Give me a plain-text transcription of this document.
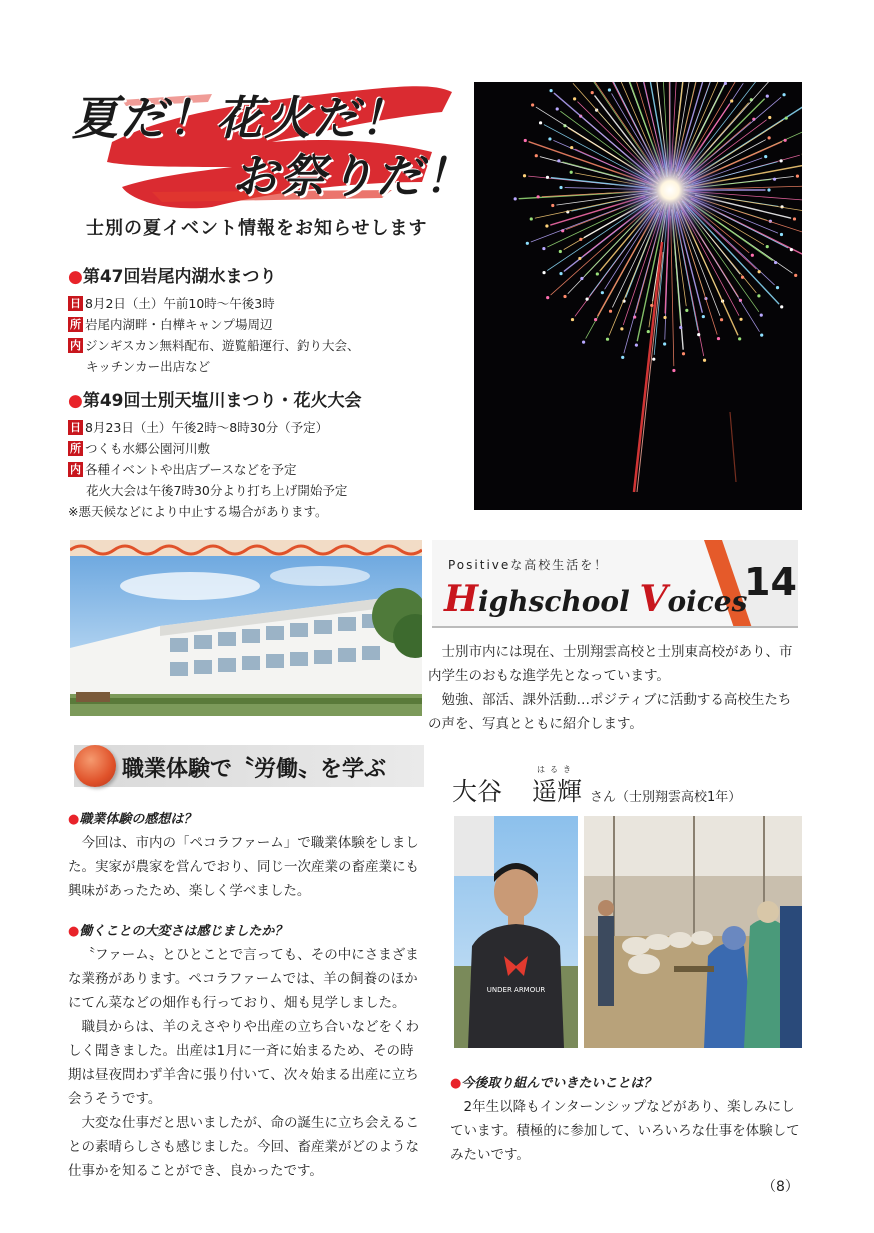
夏だ！花火だ！
お祭りだ！
士別の夏イベント情報をお知らせします
●第47回岩尾内湖水まつり
日 8月2日（土）午前10時～午後3時
所 岩尾内湖畔・白樺キャンプ場周辺
内 ジンギスカン無料配布、遊覧船運行、釣り大会、
キッチンカー出店など
●第49回士別天塩川まつり・花火大会
日 8月23日（土）午後2時～8時30分（予定）
所 つくも水郷公園河川敷
内 各種イベントや出店ブースなどを予定
花火大会は午後7時30分より打ち上げ開始予定
※悪天候などにより中止する場合があります。
Positiveな高校生活を！
Highschool Voices
14

士別市内には現在、士別翔雲高校と士別東高校があり、市内学生のおもな進学先となっています。

勉強、部活、課外活動…ポジティブに活動する高校生たちの声を、写真とともに紹介します。

職業体験で〝労働〟を学ぶ
●職業体験の感想は？

今回は、市内の「ペコラファーム」で職業体験をしました。実家が農家を営んでおり、同じ一次産業の畜産業にも興味があったため、楽しく学べました。

●働くことの大変さは感じましたか？

〝ファーム〟とひとことで言っても、その中にさまざまな業務があります。ペコラファームでは、羊の飼養のほかにてん菜などの畑作も行っており、畑も見学しました。

職員からは、羊のえさやりや出産の立ち合いなどをくわしく聞きました。出産は1月に一斉に始まるため、その時期は昼夜問わず羊舎に張り付いて、次々始まる出産に立ち会うそうです。

大変な仕事だと思いましたが、命の誕生に立ち会えることの素晴らしさも感じました。今回、畜産業がどのような仕事かを知ることができ、良かったです。

はるき
大谷 遥輝 さん（士別翔雲高校1年）
UNDER ARMOUR
●今後取り組んでいきたいことは？

2年生以降もインターンシップなどがあり、楽しみにしています。積極的に参加して、いろいろな仕事を体験してみたいです。

（8）
